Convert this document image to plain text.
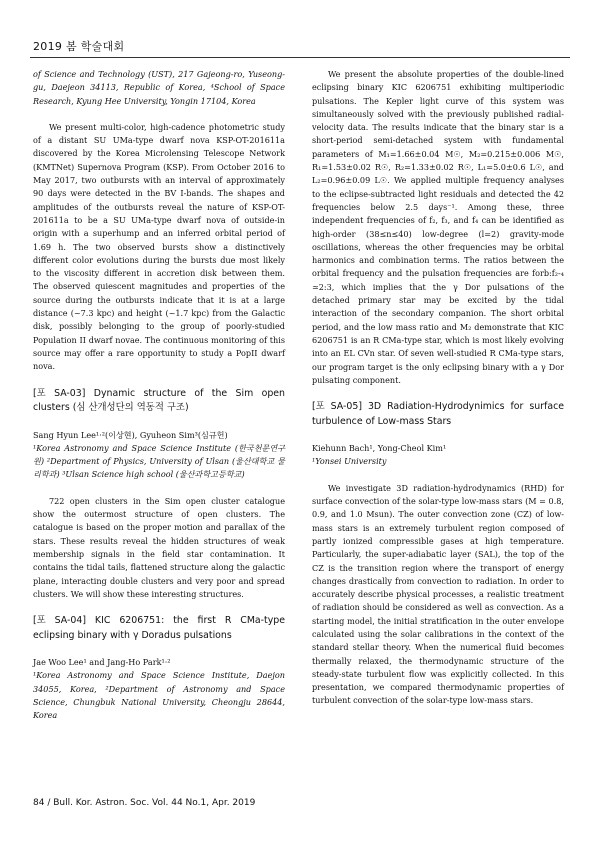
2019 봄 학술대회

of Science and Technology (UST), 217 Gajeong-ro, Yuseong-gu, Daejeon 34113, Republic of Korea, ⁴School of Space Research, Kyung Hee University, Yongin 17104, Korea

We present multi-color, high-cadence photometric study of a distant SU UMa-type dwarf nova KSP-OT-201611a discovered by the Korea Microlensing Telescope Network (KMTNet) Supernova Program (KSP). From October 2016 to May 2017, two outbursts with an interval of approximately 90 days were detected in the BV I-bands. The shapes and amplitudes of the outbursts reveal the nature of KSP-OT-201611a to be a SU UMa-type dwarf nova of outside-in origin with a superhump and an inferred orbital period of 1.69 h. The two observed bursts show a distinctively different color evolutions during the bursts due most likely to the viscosity different in accretion disk between them. The observed quiescent magnitudes and properties of the source during the outbursts indicate that it is at a large distance (~7.3 kpc) and height (~1.7 kpc) from the Galactic disk, possibly belonging to the group of poorly-studied Population II dwarf novae. The continuous monitoring of this source may offer a rare opportunity to study a PopII dwarf nova.

[포 SA-03] Dynamic structure of the Sim open clusters (심 산개성단의 역동적 구조)

Sang Hyun Lee¹·²(이상현), Gyuheon Sim³(심규헌)

¹Korea Astronomy and Space Science Institute (한국천문연구원) ²Department of Physics, University of Ulsan (울산대학교 물리학과) ³Ulsan Science high school (울산과학고등학교)

722 open clusters in the Sim open cluster catalogue show the outermost structure of open clusters. The catalogue is based on the proper motion and parallax of the stars. These results reveal the hidden structures of weak membership signals in the field star contamination. It contains the tidal tails, flattened structure along the galactic plane, interacting double clusters and very poor and spread clusters. We will show these interesting structures.

[포 SA-04] KIC 6206751: the first R CMa-type eclipsing binary with γ Doradus pulsations

Jae Woo Lee¹ and Jang-Ho Park¹·²

¹Korea Astronomy and Space Science Institute, Daejon 34055, Korea, ²Department of Astronomy and Space Science, Chungbuk National University, Cheongju 28644, Korea

We present the absolute properties of the double-lined eclipsing binary KIC 6206751 exhibiting multiperiodic pulsations. The Kepler light curve of this system was simultaneously solved with the previously published radial-velocity data. The results indicate that the binary star is a short-period semi-detached system with fundamental parameters of M₁=1.66±0.04 M☉, M₂=0.215±0.006 M☉, R₁=1.53±0.02 R☉, R₂=1.33±0.02 R☉, L₁=5.0±0.6 L☉, and L₂=0.96±0.09 L☉. We applied multiple frequency analyses to the eclipse-subtracted light residuals and detected the 42 frequencies below 2.5 days⁻¹. Among these, three independent frequencies of f₂, f₃, and f₄ can be identified as high-order (38≤n≤40) low-degree (l=2) gravity-mode oscillations, whereas the other frequencies may be orbital harmonics and combination terms. The ratios between the orbital frequency and the pulsation frequencies are forb:f₂-₄ ≃2:3, which implies that the γ Dor pulsations of the detached primary star may be excited by the tidal interaction of the secondary companion. The short orbital period, and the low mass ratio and M₂ demonstrate that KIC 6206751 is an R CMa-type star, which is most likely evolving into an EL CVn star. Of seven well-studied R CMa-type stars, our program target is the only eclipsing binary with a γ Dor pulsating component.

[포 SA-05] 3D Radiation-Hydrodynimics for surface turbulence of Low-mass Stars

Kiehunn Bach¹, Yong-Cheol Kim¹

¹Yonsei University

We investigate 3D radiation-hydrodynamics (RHD) for surface convection of the solar-type low-mass stars (M = 0.8, 0.9, and 1.0 Msun). The outer convection zone (CZ) of low-mass stars is an extremely turbulent region composed of partly ionized compressible gases at high temperature. Particularly, the super-adiabatic layer (SAL), the top of the CZ is the transition region where the transport of energy changes drastically from convection to radiation. In order to accurately describe physical processes, a realistic treatment of radiation should be considered as well as convection. As a starting model, the initial stratification in the outer envelope calculated using the solar calibrations in the context of the standard stellar theory. When the numerical fluid becomes thermally relaxed, the thermodynamic structure of the steady-state turbulent flow was explicitly collected. In this presentation, we compared thermodynamic properties of turbulent convection of the solar-type low-mass stars.

84 / Bull. Kor. Astron. Soc. Vol. 44 No.1, Apr. 2019
